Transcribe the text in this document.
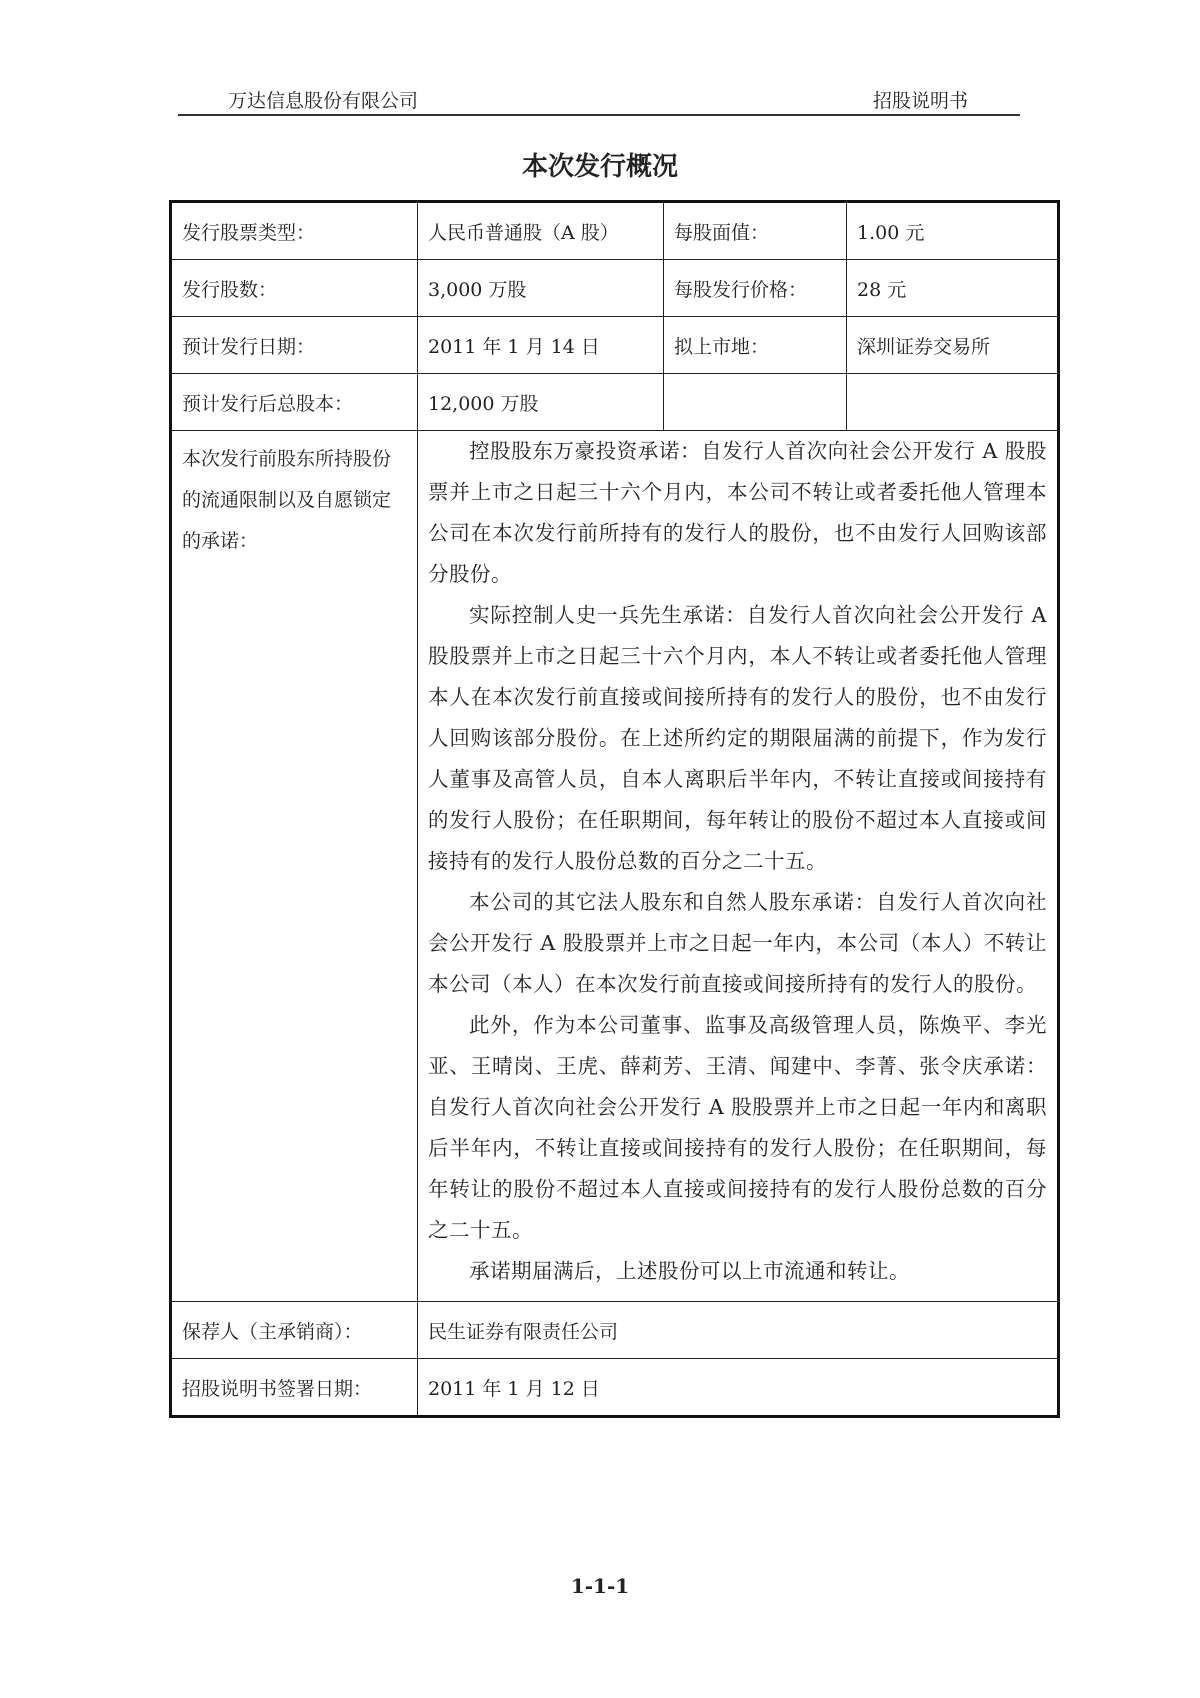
万达信息股份有限公司	招股说明书
本次发行概况
发行股票类型：	人民币普通股（A 股）	每股面值：	1.00 元
发行股数：	3,000 万股	每股发行价格：	28 元
预计发行日期：	2011 年 1 月 14 日	拟上市地：	深圳证券交易所
预计发行后总股本：	12,000 万股		
本次发行前股东所持股份的流通限制以及自愿锁定的承诺：	控股股东万豪投资承诺：自发行人首次向社会公开发行 A 股股票并上市之日起三十六个月内，本公司不转让或者委托他人管理本公司在本次发行前所持有的发行人的股份，也不由发行人回购该部分股份。

实际控制人史一兵先生承诺：自发行人首次向社会公开发行 A 股股票并上市之日起三十六个月内，本人不转让或者委托他人管理本人在本次发行前直接或间接所持有的发行人的股份，也不由发行人回购该部分股份。在上述所约定的期限届满的前提下，作为发行人董事及高管人员，自本人离职后半年内，不转让直接或间接持有的发行人股份；在任职期间，每年转让的股份不超过本人直接或间接持有的发行人股份总数的百分之二十五。

本公司的其它法人股东和自然人股东承诺：自发行人首次向社会公开发行 A 股股票并上市之日起一年内，本公司（本人）不转让本公司（本人）在本次发行前直接或间接所持有的发行人的股份。

此外，作为本公司董事、监事及高级管理人员，陈焕平、李光亚、王晴岗、王虎、薛莉芳、王清、闻建中、李菁、张令庆承诺：自发行人首次向社会公开发行 A 股股票并上市之日起一年内和离职后半年内，不转让直接或间接持有的发行人股份；在任职期间，每年转让的股份不超过本人直接或间接持有的发行人股份总数的百分之二十五。

承诺期届满后，上述股份可以上市流通和转让。		

保荐人（主承销商）：	民生证券有限责任公司		
招股说明书签署日期：	2011 年 1 月 12 日		
1-1-1
